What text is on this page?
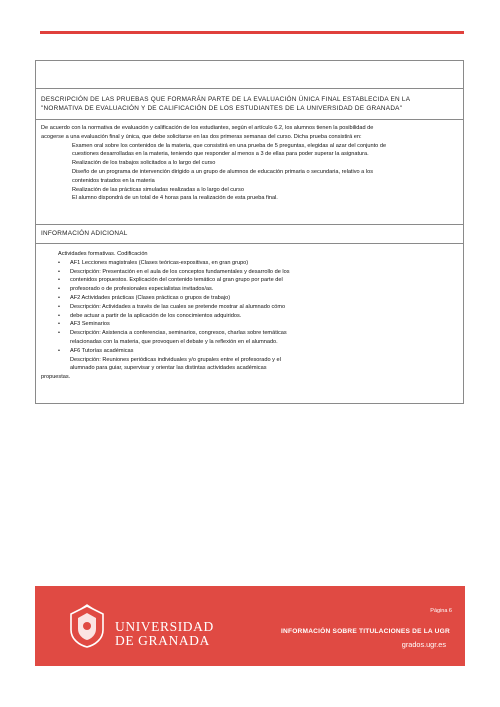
DESCRIPCIÓN DE LAS PRUEBAS QUE FORMARÁN PARTE DE LA EVALUACIÓN ÚNICA FINAL ESTABLECIDA EN LA
"NORMATIVA DE EVALUACIÓN Y DE CALIFICACIÓN DE LOS ESTUDIANTES DE LA UNIVERSIDAD DE GRANADA"
De acuerdo con la normativa de evaluación y calificación de los estudiantes, según el artículo 6.2, los alumnos tienen la posibilidad de
acogerse a una evaluación final y única, que debe solicitarse en las dos primeras semanas del curso. Dicha prueba consistirá en:
Examen oral sobre los contenidos de la materia, que consistirá en una prueba de 5 preguntas, elegidas al azar del conjunto de
cuestiones desarrolladas en la materia, teniendo que responder al menos a 3 de ellas para poder superar la asignatura.
Realización de los trabajos solicitados a lo largo del curso
Diseño de un programa de intervención dirigido a un grupo de alumnos de educación primaria o secundaria, relativo a los
contenidos tratados en la materia
Realización de las prácticas simuladas realizadas a lo largo del curso
El alumno dispondrá de un total de 4 horas para la realización de esta prueba final.
INFORMACIÓN ADICIONAL
Actividades formativas. Codificación
• AF1 Lecciones magistrales (Clases teóricas-expositivas, en gran grupo)
• Descripción: Presentación en el aula de los conceptos fundamentales y desarrollo de los
• contenidos propuestos. Explicación del contenido temático al gran grupo por parte del
• profesorado o de profesionales especialistas invitados/as.
• AF2 Actividades prácticas (Clases prácticas o grupos de trabajo)
• Descripción: Actividades a través de las cuales se pretende mostrar al alumnado cómo
• debe actuar a partir de la aplicación de los conocimientos adquiridos.
• AF3 Seminarios
• Descripción: Asistencia a conferencias, seminarios, congresos, charlas sobre temáticas
relacionadas con la materia, que provoquen el debate y la reflexión en el alumnado.
• AF6 Tutorías académicas
Descripción: Reuniones periódicas individuales y/o grupales entre el profesorado y el
alumnado para guiar, supervisar y orientar las distintas actividades académicas
propuestas.
UNIVERSIDAD
DE GRANADA
Página 6
INFORMACIÓN SOBRE TITULACIONES DE LA UGR
grados.ugr.es
